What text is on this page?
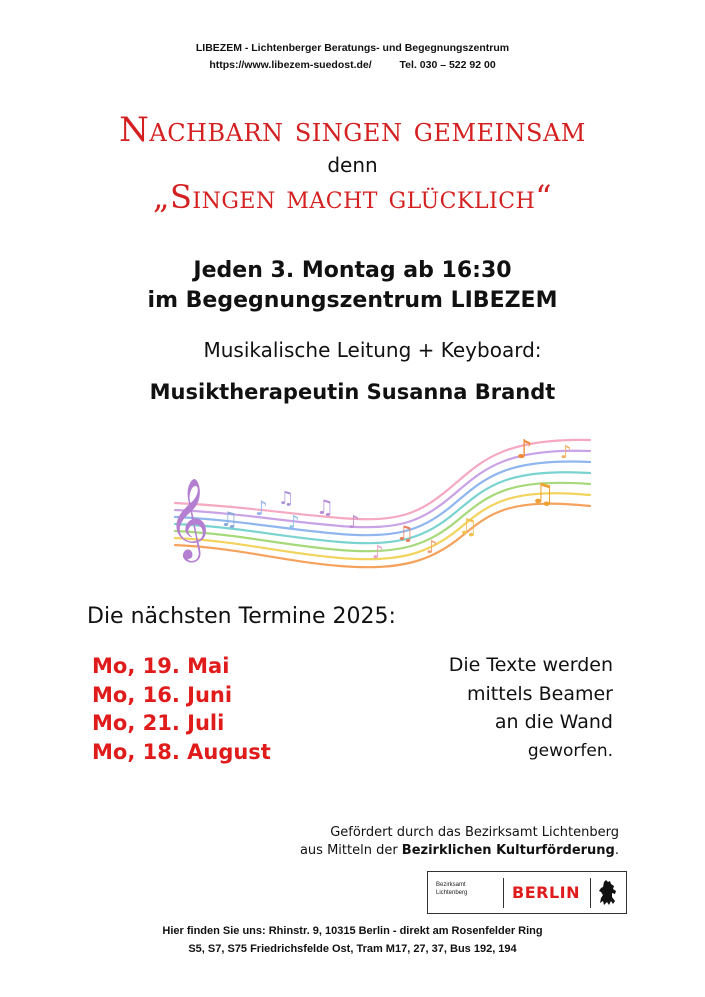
LIBEZEM - Lichtenberger Beratungs- und Begegnungszentrum
https://www.libezem-suedost.de/	Tel. 030 – 522 92 00
Nachbarn singen gemeinsam
denn
„Singen macht glücklich“
Jeden 3. Montag ab 16:30
im Begegnungszentrum LIBEZEM
Musikalische Leitung + Keyboard:
Musiktherapeutin Susanna Brandt
𝄞 ♫ ♪ ♫
♪
♫
♪
♪
♫
♪
♫
♪
♫
♪
Die nächsten Termine 2025:
Mo, 19. Mai
Mo, 16. Juni
Mo, 21. Juli
Mo, 18. August
Die Texte werden
mittels Beamer
an die Wand
geworfen.
Gefördert durch das Bezirksamt Lichtenberg
aus Mitteln der Bezirklichen Kulturförderung.
Bezirksamt
Lichtenberg	BERLIN
Hier finden Sie uns: Rhinstr. 9, 10315 Berlin - direkt am Rosenfelder Ring
S5, S7, S75 Friedrichsfelde Ost, Tram M17, 27, 37, Bus 192, 194
